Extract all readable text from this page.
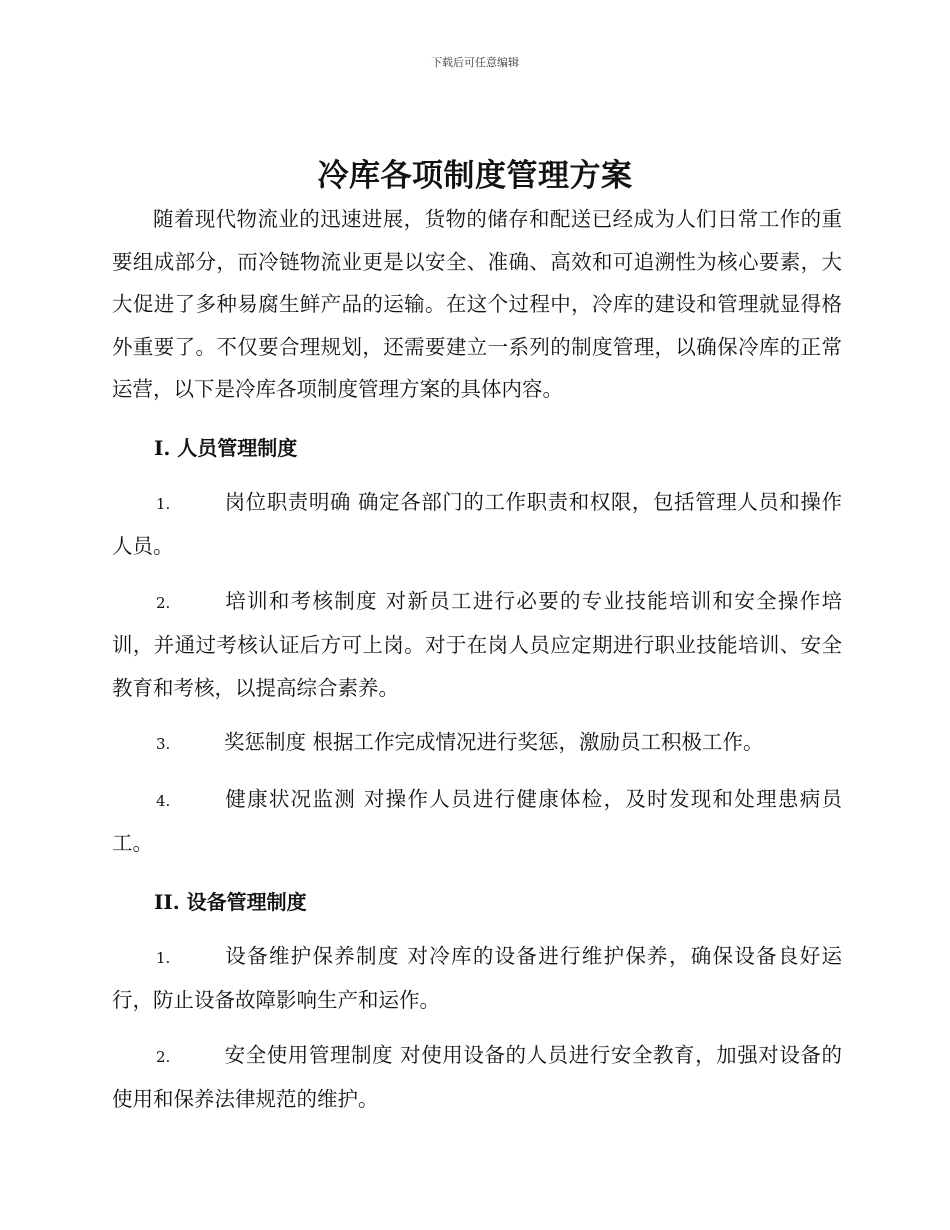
下载后可任意编辑
冷库各项制度管理方案

随着现代物流业的迅速进展，货物的储存和配送已经成为人们日常工作的重要组成部分，而冷链物流业更是以安全、准确、高效和可追溯性为核心要素，大大促进了多种易腐生鲜产品的运输。在这个过程中，冷库的建设和管理就显得格外重要了。不仅要合理规划，还需要建立一系列的制度管理，以确保冷库的正常运营，以下是冷库各项制度管理方案的具体内容。

I. 人员管理制度

1.	岗位职责明确 确定各部门的工作职责和权限，包括管理人员和操作人员。

2.	培训和考核制度 对新员工进行必要的专业技能培训和安全操作培训，并通过考核认证后方可上岗。对于在岗人员应定期进行职业技能培训、安全教育和考核，以提高综合素养。

3.	奖惩制度 根据工作完成情况进行奖惩，激励员工积极工作。

4.	健康状况监测 对操作人员进行健康体检，及时发现和处理患病员工。

II. 设备管理制度

1.	设备维护保养制度 对冷库的设备进行维护保养，确保设备良好运行，防止设备故障影响生产和运作。

2.	安全使用管理制度 对使用设备的人员进行安全教育，加强对设备的使用和保养法律规范的维护。
